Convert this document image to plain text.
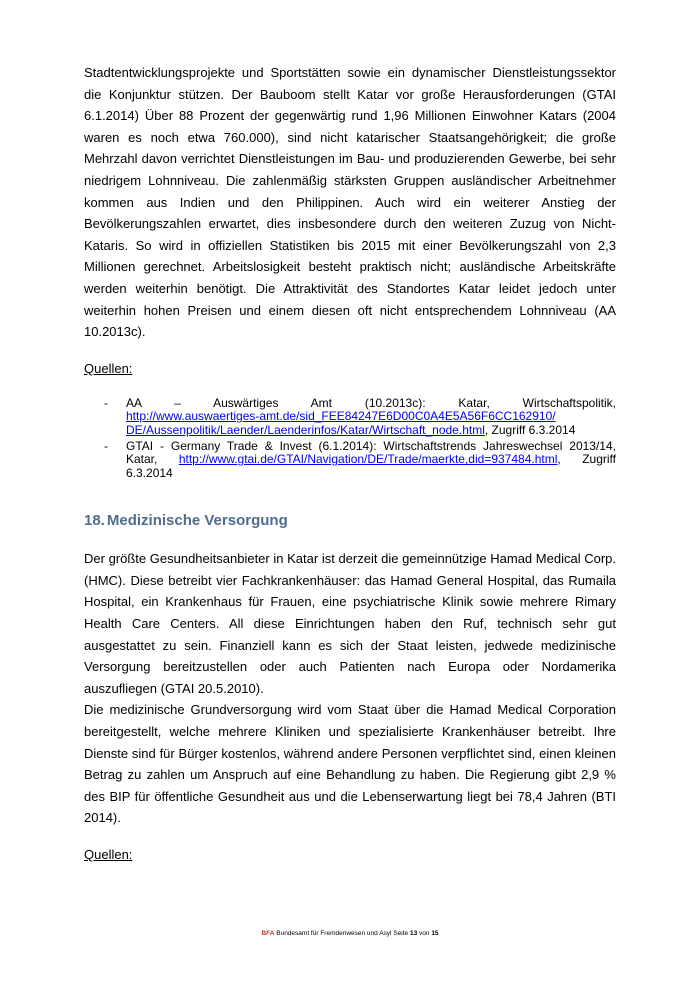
Stadtentwicklungsprojekte und Sportstätten sowie ein dynamischer Dienstleistungssektor die Konjunktur stützen. Der Bauboom stellt Katar vor große Herausforderungen (GTAI 6.1.2014) Über 88 Prozent der gegenwärtig rund 1,96 Millionen Einwohner Katars (2004 waren es noch etwa 760.000), sind nicht katarischer Staatsangehörigkeit; die große Mehrzahl davon verrichtet Dienstleistungen im Bau- und produzierenden Gewerbe, bei sehr niedrigem Lohnniveau. Die zahlenmäßig stärksten Gruppen ausländischer Arbeitnehmer kommen aus Indien und den Philippinen. Auch wird ein weiterer Anstieg der Bevölkerungszahlen erwartet, dies insbesondere durch den weiteren Zuzug von Nicht- Kataris. So wird in offiziellen Statistiken bis 2015 mit einer Bevölkerungszahl von 2,3 Millionen gerechnet. Arbeitslosigkeit besteht praktisch nicht; ausländische Arbeitskräfte werden weiterhin benötigt. Die Attraktivität des Standortes Katar leidet jedoch unter weiterhin hohen Preisen und einem diesen oft nicht entsprechendem Lohnniveau (AA 10.2013c).

Quellen:
- AA – Auswärtiges Amt (10.2013c): Katar, Wirtschaftspolitik,
http://www.auswaertiges-amt.de/sid_FEE84247E6D00C0A4E5A56F6CC162910/ DE/Aussenpolitik/Laender/Laenderinfos/Katar/Wirtschaft_node.html, Zugriff 6.3.2014
- GTAI - Germany Trade & Invest (6.1.2014): Wirtschaftstrends Jahreswechsel 2013/14, Katar, http://www.gtai.de/GTAI/Navigation/DE/Trade/maerkte,did=937484.html, Zugriff 6.3.2014
18. Medizinische Versorgung

Der größte Gesundheitsanbieter in Katar ist derzeit die gemeinnützige Hamad Medical Corp. (HMC). Diese betreibt vier Fachkrankenhäuser: das Hamad General Hospital, das Rumaila Hospital, ein Krankenhaus für Frauen, eine psychiatrische Klinik sowie mehrere Rimary Health Care Centers. All diese Einrichtungen haben den Ruf, technisch sehr gut ausgestattet zu sein. Finanziell kann es sich der Staat leisten, jedwede medizinische Versorgung bereitzustellen oder auch Patienten nach Europa oder Nordamerika auszufliegen (GTAI 20.5.2010).

Die medizinische Grundversorgung wird vom Staat über die Hamad Medical Corporation bereitgestellt, welche mehrere Kliniken und spezialisierte Krankenhäuser betreibt. Ihre Dienste sind für Bürger kostenlos, während andere Personen verpflichtet sind, einen kleinen Betrag zu zahlen um Anspruch auf eine Behandlung zu haben. Die Regierung gibt 2,9 % des BIP für öffentliche Gesundheit aus und die Lebenserwartung liegt bei 78,4 Jahren (BTI 2014).

Quellen:
BFA Bundesamt für Fremdenwesen und Asyl Seite 13 von 15
